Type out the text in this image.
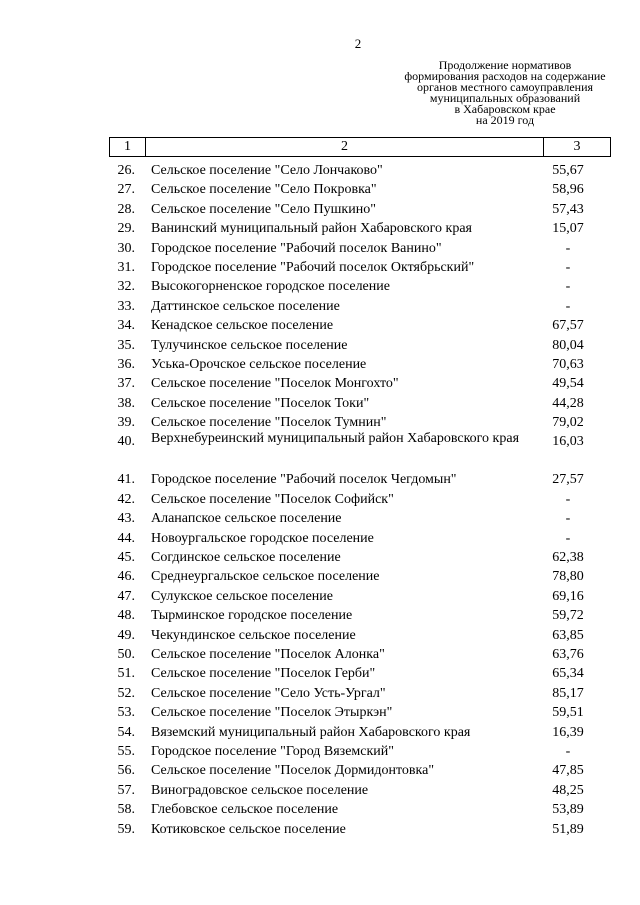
2
Продолжение нормативов
формирования расходов на содержание
органов местного самоуправления
муниципальных образований
в Хабаровском крае
на 2019 год
1	2	3
26. Сельское поселение "Село Лончаково"	55,67
27. Сельское поселение "Село Покровка"	58,96
28. Сельское поселение "Село Пушкино"	57,43
29. Ванинский муниципальный район Хабаровского края	15,07
30. Городское поселение "Рабочий поселок Ванино"	-
31. Городское поселение "Рабочий поселок Октябрьский"	-
32. Высокогорненское городское поселение	-
33. Даттинское сельское поселение	-
34. Кенадское сельское поселение	67,57
35. Тулучинское сельское поселение	80,04
36. Уська-Орочское сельское поселение	70,63
37. Сельское поселение "Поселок Монгохто"	49,54
38. Сельское поселение "Поселок Токи"	44,28
39. Сельское поселение "Поселок Тумнин"	79,02
40. Верхнебуреинский муниципальный район Хабаровского края	16,03
41. Городское поселение "Рабочий поселок Чегдомын"	27,57
42. Сельское поселение "Поселок Софийск"	-
43. Аланапское сельское поселение	-
44. Новоургальское городское поселение	-
45. Согдинское сельское поселение	62,38
46. Среднеургальское сельское поселение	78,80
47. Сулукское сельское поселение	69,16
48. Тырминское городское поселение	59,72
49. Чекундинское сельское поселение	63,85
50. Сельское поселение "Поселок Алонка"	63,76
51. Сельское поселение "Поселок Герби"	65,34
52. Сельское поселение "Село Усть-Ургал"	85,17
53. Сельское поселение "Поселок Этыркэн"	59,51
54. Вяземский муниципальный район Хабаровского края	16,39
55. Городское поселение "Город Вяземский"	-
56. Сельское поселение "Поселок Дормидонтовка"	47,85
57. Виноградовское сельское поселение	48,25
58. Глебовское сельское поселение	53,89
59. Котиковское сельское поселение	51,89
